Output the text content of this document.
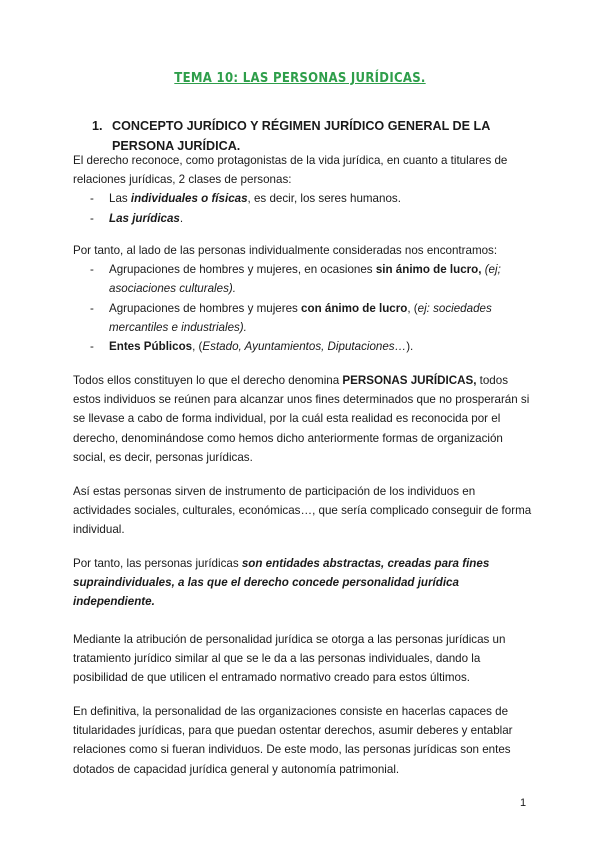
TEMA 10: LAS PERSONAS JURÍDICAS.
1. CONCEPTO JURÍDICO Y RÉGIMEN JURÍDICO GENERAL DE LA PERSONA JURÍDICA.

El derecho reconoce, como protagonistas de la vida jurídica, en cuanto a titulares de relaciones jurídicas, 2 clases de personas:

- Las individuales o físicas, es decir, los seres humanos.
- Las jurídicas.

Por tanto, al lado de las personas individualmente consideradas nos encontramos:

- Agrupaciones de hombres y mujeres, en ocasiones sin ánimo de lucro, (ej; asociaciones culturales).
- Agrupaciones de hombres y mujeres con ánimo de lucro, (ej: sociedades mercantiles e industriales).
- Entes Públicos, (Estado, Ayuntamientos, Diputaciones…).

Todos ellos constituyen lo que el derecho denomina PERSONAS JURÍDICAS, todos estos individuos se reúnen para alcanzar unos fines determinados que no prosperarán si se llevase a cabo de forma individual, por la cuál esta realidad es reconocida por el derecho, denominándose como hemos dicho anteriormente formas de organización social, es decir, personas jurídicas.

Así estas personas sirven de instrumento de participación de los individuos en actividades sociales, culturales, económicas…, que sería complicado conseguir de forma individual.

Por tanto, las personas jurídicas son entidades abstractas, creadas para fines supraindividuales, a las que el derecho concede personalidad jurídica independiente.

Mediante la atribución de personalidad jurídica se otorga a las personas jurídicas un tratamiento jurídico similar al que se le da a las personas individuales, dando la posibilidad de que utilicen el entramado normativo creado para estos últimos.

En definitiva, la personalidad de las organizaciones consiste en hacerlas capaces de titularidades jurídicas, para que puedan ostentar derechos, asumir deberes y entablar relaciones como si fueran individuos. De este modo, las personas jurídicas son entes dotados de capacidad jurídica general y autonomía patrimonial.

1
